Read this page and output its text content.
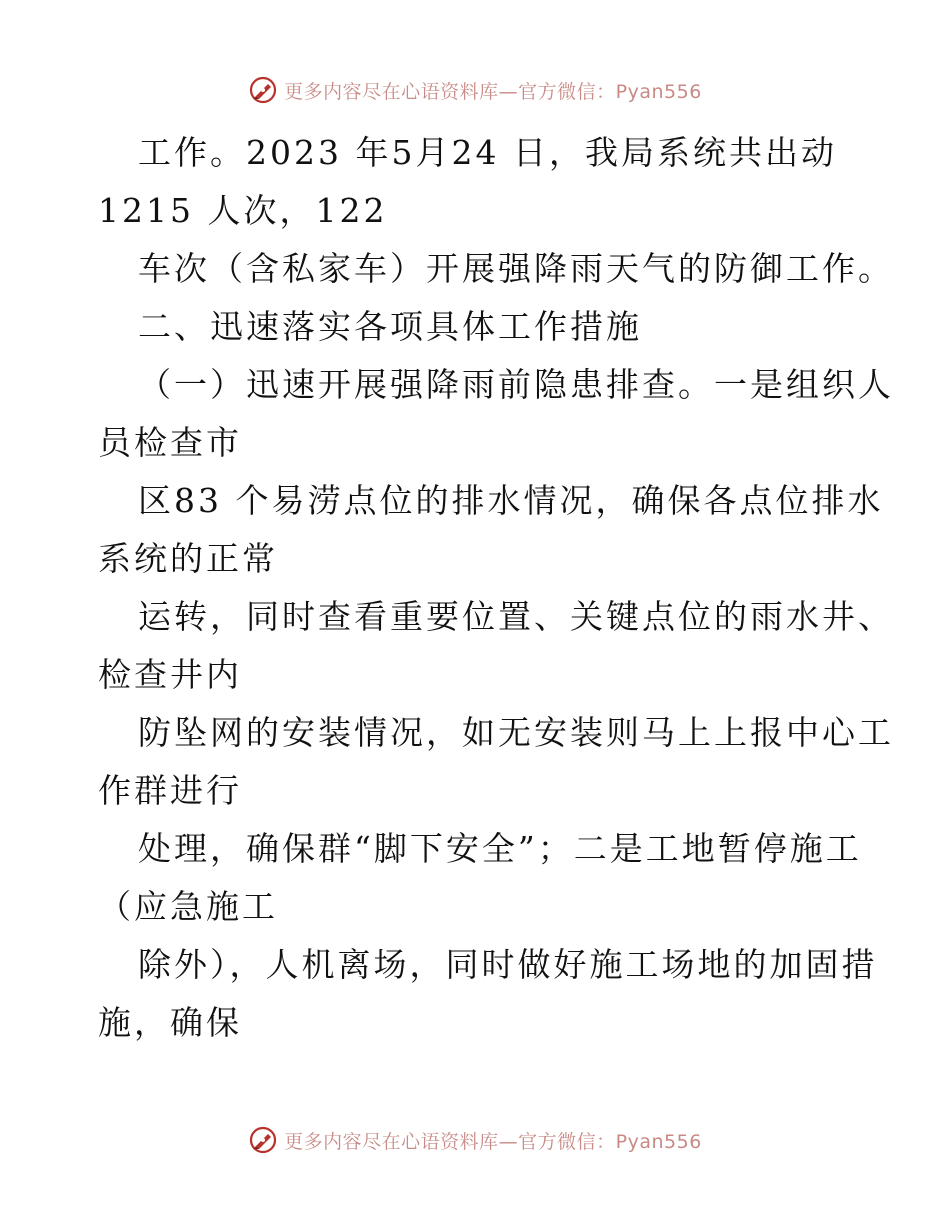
更多内容尽在心语资料库—官方微信：Pyan556
工作。2023 年5月24 日，我局系统共出动
1215 人次，122
车次（含私家车）开展强降雨天气的防御工作。
二、迅速落实各项具体工作措施
（一）迅速开展强降雨前隐患排查。一是组织人
员检查市
区83 个易涝点位的排水情况，确保各点位排水
系统的正常
运转，同时查看重要位置、关键点位的雨水井、
检查井内
防坠网的安装情况，如无安装则马上上报中心工
作群进行
处理，确保群“脚下安全”；二是工地暂停施工
（应急施工
除外），人机离场，同时做好施工场地的加固措
施，确保
更多内容尽在心语资料库—官方微信：Pyan556
